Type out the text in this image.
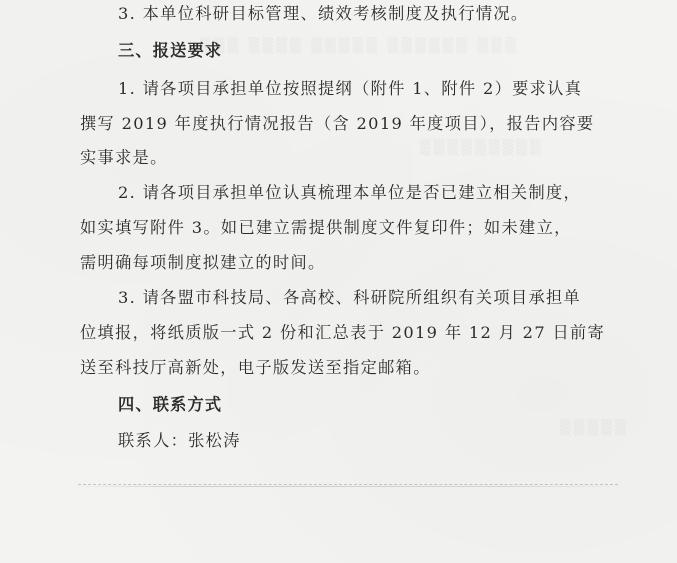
▒▒▒ ▒▒▒▒ ▒▒▒▒▒ ▒▒▒▒▒▒ ▒▒▒
▒▒▒▒▒▒▒▒▒
▒▒▒▒▒
3. 本单位科研目标管理、绩效考核制度及执行情况。
三、报送要求
1. 请各项目承担单位按照提纲（附件 1、附件 2）要求认真
撰写 2019 年度执行情况报告（含 2019 年度项目），报告内容要
实事求是。
2. 请各项目承担单位认真梳理本单位是否已建立相关制度，
如实填写附件 3。如已建立需提供制度文件复印件；如未建立，
需明确每项制度拟建立的时间。
3. 请各盟市科技局、各高校、科研院所组织有关项目承担单
位填报，将纸质版一式 2 份和汇总表于 2019 年 12 月 27 日前寄
送至科技厅高新处，电子版发送至指定邮箱。
四、联系方式
联系人：张松涛
